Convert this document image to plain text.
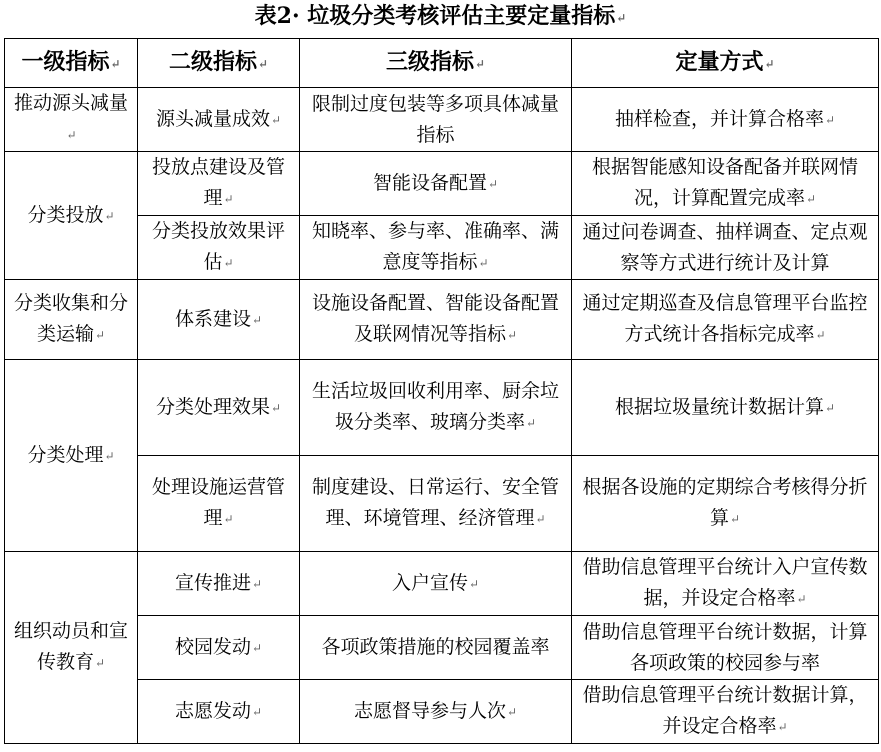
表2· 垃圾分类考核评估主要定量指标↵
一级指标↵	二级指标↵	三级指标↵	定量方式↵
推动源头减量↵	源头减量成效↵	限制过度包装等多项具体减量指标	抽样检查，并计算合格率↵
分类投放↵	投放点建设及管理↵	智能设备配置↵	根据智能感知设备配备并联网情况，计算配置完成率↵
	分类投放效果评估↵	知晓率、参与率、准确率、满意度等指标↵	通过问卷调查、抽样调查、定点观察等方式进行统计及计算
分类收集和分类运输↵	体系建设↵	设施设备配置、智能设备配置及联网情况等指标↵	通过定期巡查及信息管理平台监控方式统计各指标完成率↵
分类处理↵	分类处理效果↵	生活垃圾回收利用率、厨余垃圾分类率、玻璃分类率↵	根据垃圾量统计数据计算↵
	处理设施运营管理↵	制度建设、日常运行、安全管理、环境管理、经济管理↵	根据各设施的定期综合考核得分折算↵
组织动员和宣传教育↵	宣传推进↵	入户宣传↵	借助信息管理平台统计入户宣传数据，并设定合格率↵
	校园发动↵	各项政策措施的校园覆盖率	借助信息管理平台统计数据，计算各项政策的校园参与率
	志愿发动↵	志愿督导参与人次↵	借助信息管理平台统计数据计算，并设定合格率↵
